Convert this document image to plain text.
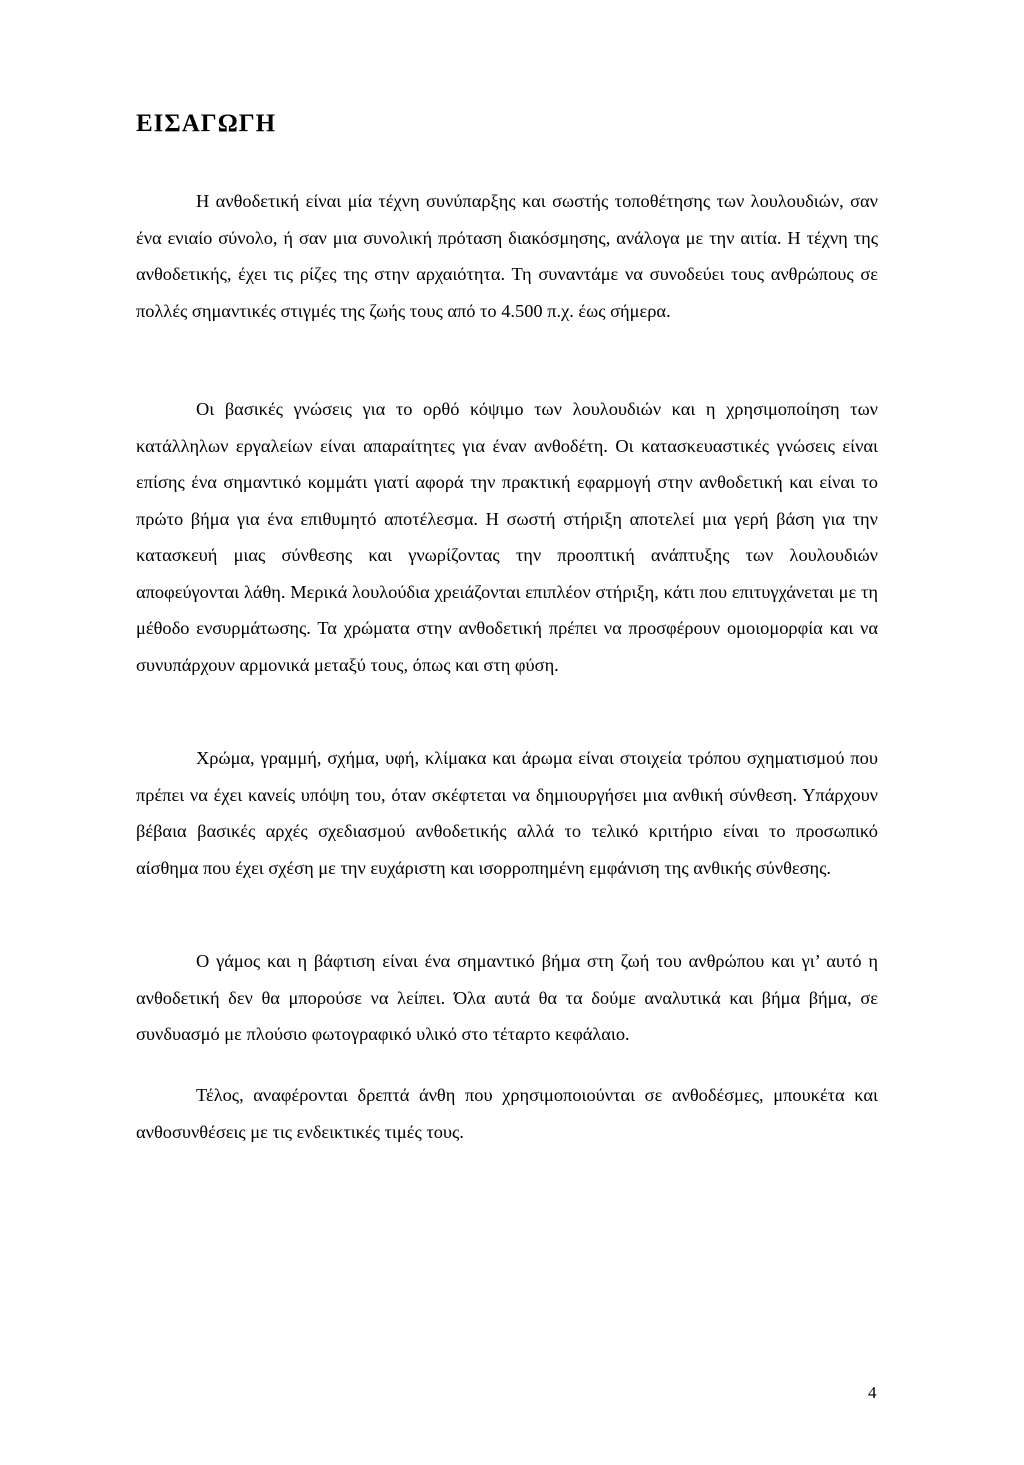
ΕΙΣΑΓΩΓΗ

Η ανθοδετική είναι μία τέχνη συνύπαρξης και σωστής τοποθέτησης των λουλουδιών, σαν ένα ενιαίο σύνολο, ή σαν μια συνολική πρόταση διακόσμησης, ανάλογα με την αιτία. Η τέχνη της ανθοδετικής, έχει τις ρίζες της στην αρχαιότητα. Τη συναντάμε να συνοδεύει τους ανθρώπους σε πολλές σημαντικές στιγμές της ζωής τους από το 4.500 π.χ. έως σήμερα.

Οι βασικές γνώσεις για το ορθό κόψιμο των λουλουδιών και η χρησιμοποίηση των κατάλληλων εργαλείων είναι απαραίτητες για έναν ανθοδέτη. Οι κατασκευαστικές γνώσεις είναι επίσης ένα σημαντικό κομμάτι γιατί αφορά την πρακτική εφαρμογή στην ανθοδετική και είναι το πρώτο βήμα για ένα επιθυμητό αποτέλεσμα. Η σωστή στήριξη αποτελεί μια γερή βάση για την κατασκευή μιας σύνθεσης και γνωρίζοντας την προοπτική ανάπτυξης των λουλουδιών αποφεύγονται λάθη. Μερικά λουλούδια χρειάζονται επιπλέον στήριξη, κάτι που επιτυγχάνεται με τη μέθοδο ενσυρμάτωσης. Τα χρώματα στην ανθοδετική πρέπει να προσφέρουν ομοιομορφία και να συνυπάρχουν αρμονικά μεταξύ τους, όπως και στη φύση.

Χρώμα, γραμμή, σχήμα, υφή, κλίμακα και άρωμα είναι στοιχεία τρόπου σχηματισμού που πρέπει να έχει κανείς υπόψη του, όταν σκέφτεται να δημιουργήσει μια ανθική σύνθεση. Υπάρχουν βέβαια βασικές αρχές σχεδιασμού ανθοδετικής αλλά το τελικό κριτήριο είναι το προσωπικό αίσθημα που έχει σχέση με την ευχάριστη και ισορροπημένη εμφάνιση της ανθικής σύνθεσης.

Ο γάμος και η βάφτιση είναι ένα σημαντικό βήμα στη ζωή του ανθρώπου και γι’ αυτό η ανθοδετική δεν θα μπορούσε να λείπει. Όλα αυτά θα τα δούμε αναλυτικά και βήμα βήμα, σε συνδυασμό με πλούσιο φωτογραφικό υλικό στο τέταρτο κεφάλαιο.

Τέλος, αναφέρονται δρεπτά άνθη που χρησιμοποιούνται σε ανθοδέσμες, μπουκέτα και ανθοσυνθέσεις με τις ενδεικτικές τιμές τους.

4
